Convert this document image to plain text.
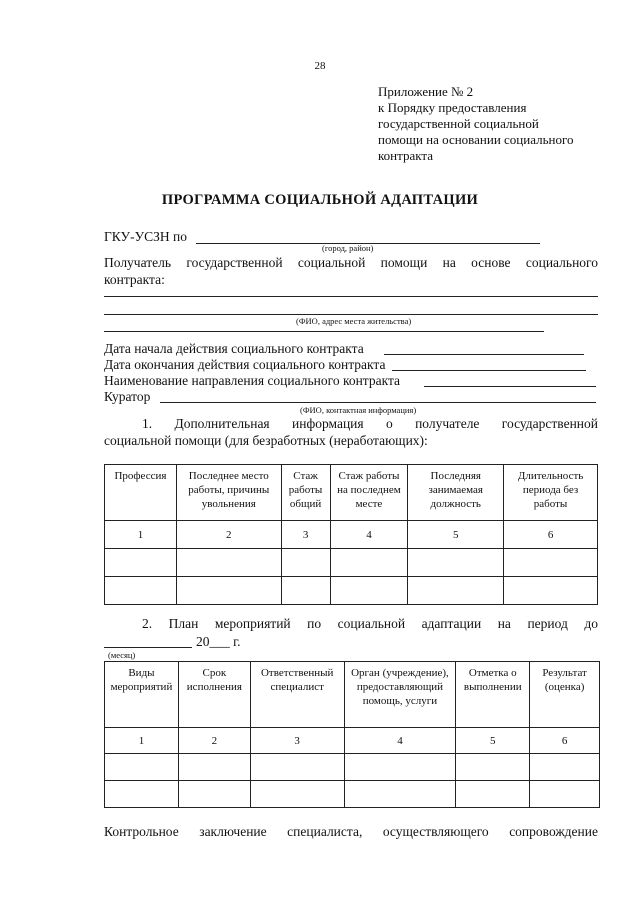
28
Приложение № 2
к Порядку предоставления
государственной социальной
помощи на основании социального
контракта
ПРОГРАММА СОЦИАЛЬНОЙ АДАПТАЦИИ
ГКУ-УСЗН по
(город, район)
Получатель государственной социальной помощи на основе социального
контракта:
(ФИО, адрес места жительства)
Дата начала действия социального контракта
Дата окончания действия социального контракта
Наименование направления социального контракта
Куратор
(ФИО, контактная информация)
1. Дополнительная информация о получателе государственной
социальной помощи (для безработных (неработающих):
Профессия	Последнее место работы, причины увольнения	Стаж работы общий	Стаж работы на последнем месте	Последняя занимаемая должность	Длительность периода без работы
1	2	3	4	5	6

2. План мероприятий по социальной адаптации на период до
20___ г.
(месяц)
Виды мероприятий	Срок исполнения	Ответственный специалист	Орган (учреждение), предоставляющий помощь, услуги	Отметка о выполнении	Результат (оценка)
1	2	3	4	5	6

Контрольное заключение специалиста, осуществляющего сопровождение
